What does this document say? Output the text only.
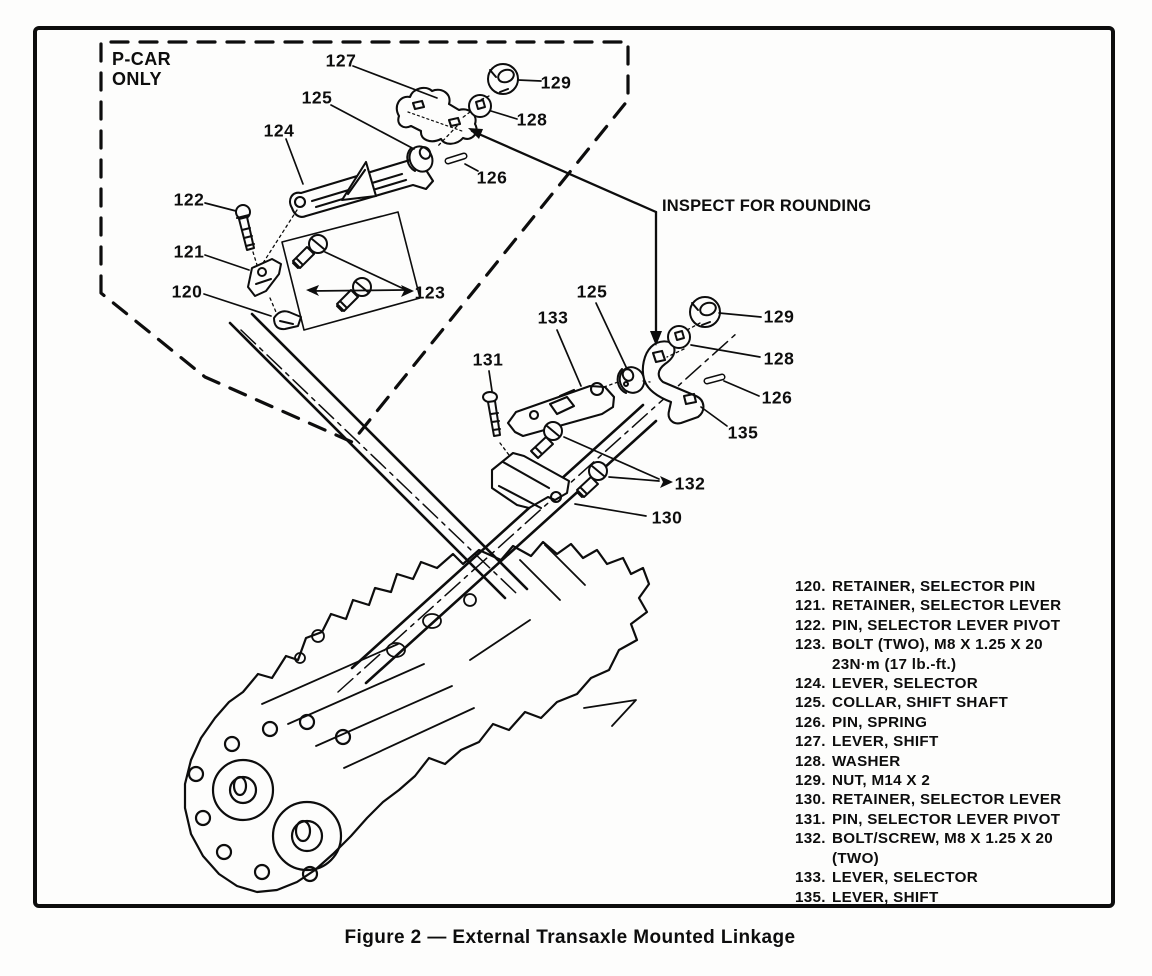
P-CAR
ONLY
INSPECT FOR ROUNDING
127
129
128
125
126
124
122
121
120	123	125
133
131
129
128
126
135
132
130
120. RETAINER, SELECTOR PIN
121. RETAINER, SELECTOR LEVER
122. PIN, SELECTOR LEVER PIVOT
123. BOLT (TWO), M8 X 1.25 X 20
23N·m (17 lb.-ft.)
124. LEVER, SELECTOR
125. COLLAR, SHIFT SHAFT
126. PIN, SPRING
127. LEVER, SHIFT
128. WASHER
129. NUT, M14 X 2
130. RETAINER, SELECTOR LEVER
131. PIN, SELECTOR LEVER PIVOT
132. BOLT/SCREW, M8 X 1.25 X 20
(TWO)
133. LEVER, SELECTOR
135. LEVER, SHIFT
Figure 2 — External Transaxle Mounted Linkage
